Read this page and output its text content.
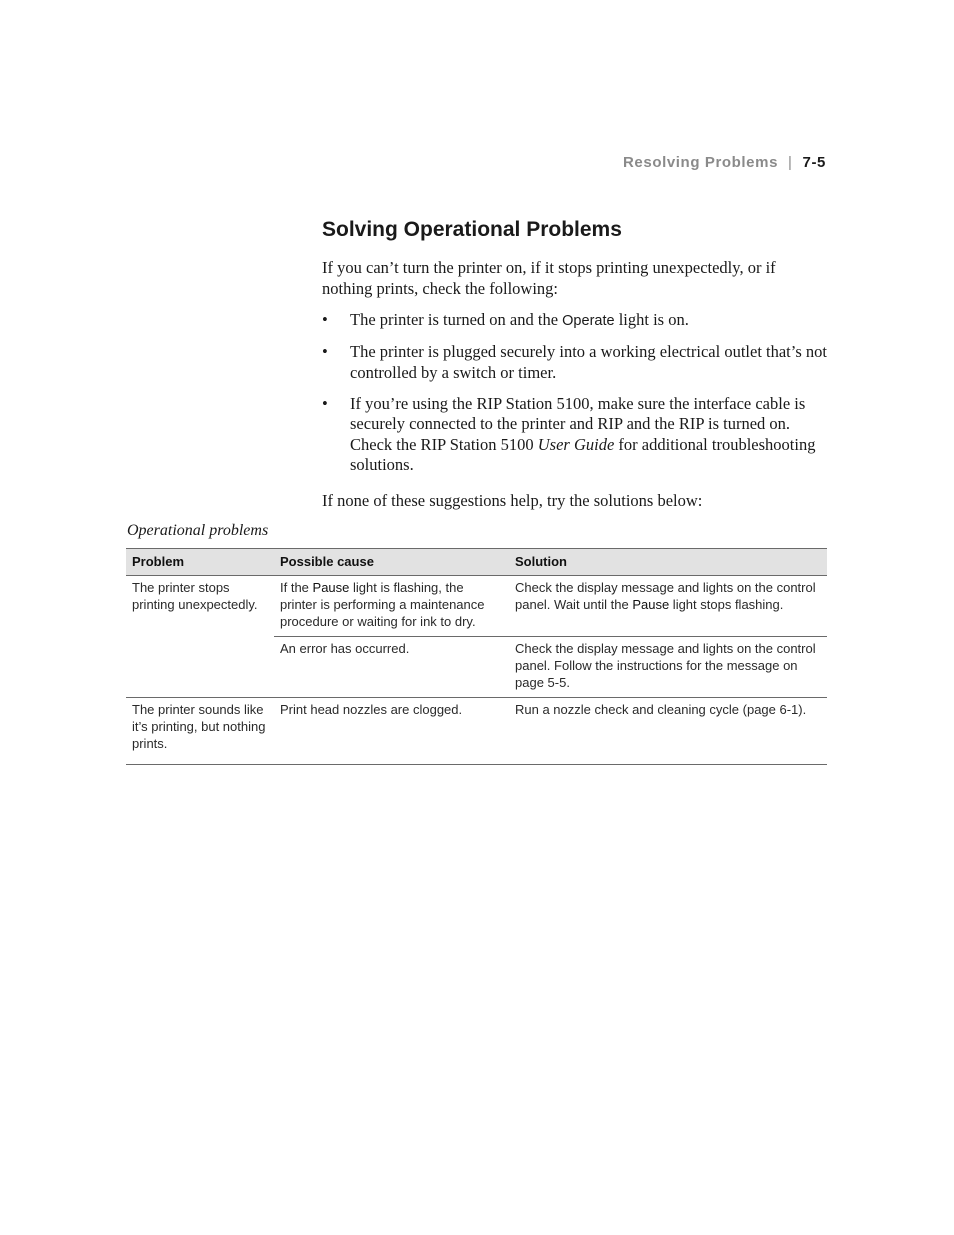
Resolving Problems | 7-5
Solving Operational Problems

If you can’t turn the printer on, if it stops printing unexpectedly, or if nothing prints, check the following:

• The printer is turned on and the Operate light is on.
• The printer is plugged securely into a working electrical outlet that’s not controlled by a switch or timer.
• If you’re using the RIP Station 5100, make sure the interface cable is securely connected to the printer and RIP and the RIP is turned on. Check the RIP Station 5100 User Guide for additional troubleshooting solutions.

If none of these suggestions help, try the solutions below:

Operational problems

Problem	Possible cause	Solution
The printer stops printing unexpectedly.	If the Pause light is flashing, the printer is performing a maintenance procedure or waiting for ink to dry.	Check the display message and lights on the control panel. Wait until the Pause light stops flashing.
	An error has occurred.	Check the display message and lights on the control panel. Follow the instructions for the message on page 5-5.
The printer sounds like it’s printing, but nothing prints.	Print head nozzles are clogged.	Run a nozzle check and cleaning cycle (page 6-1).
